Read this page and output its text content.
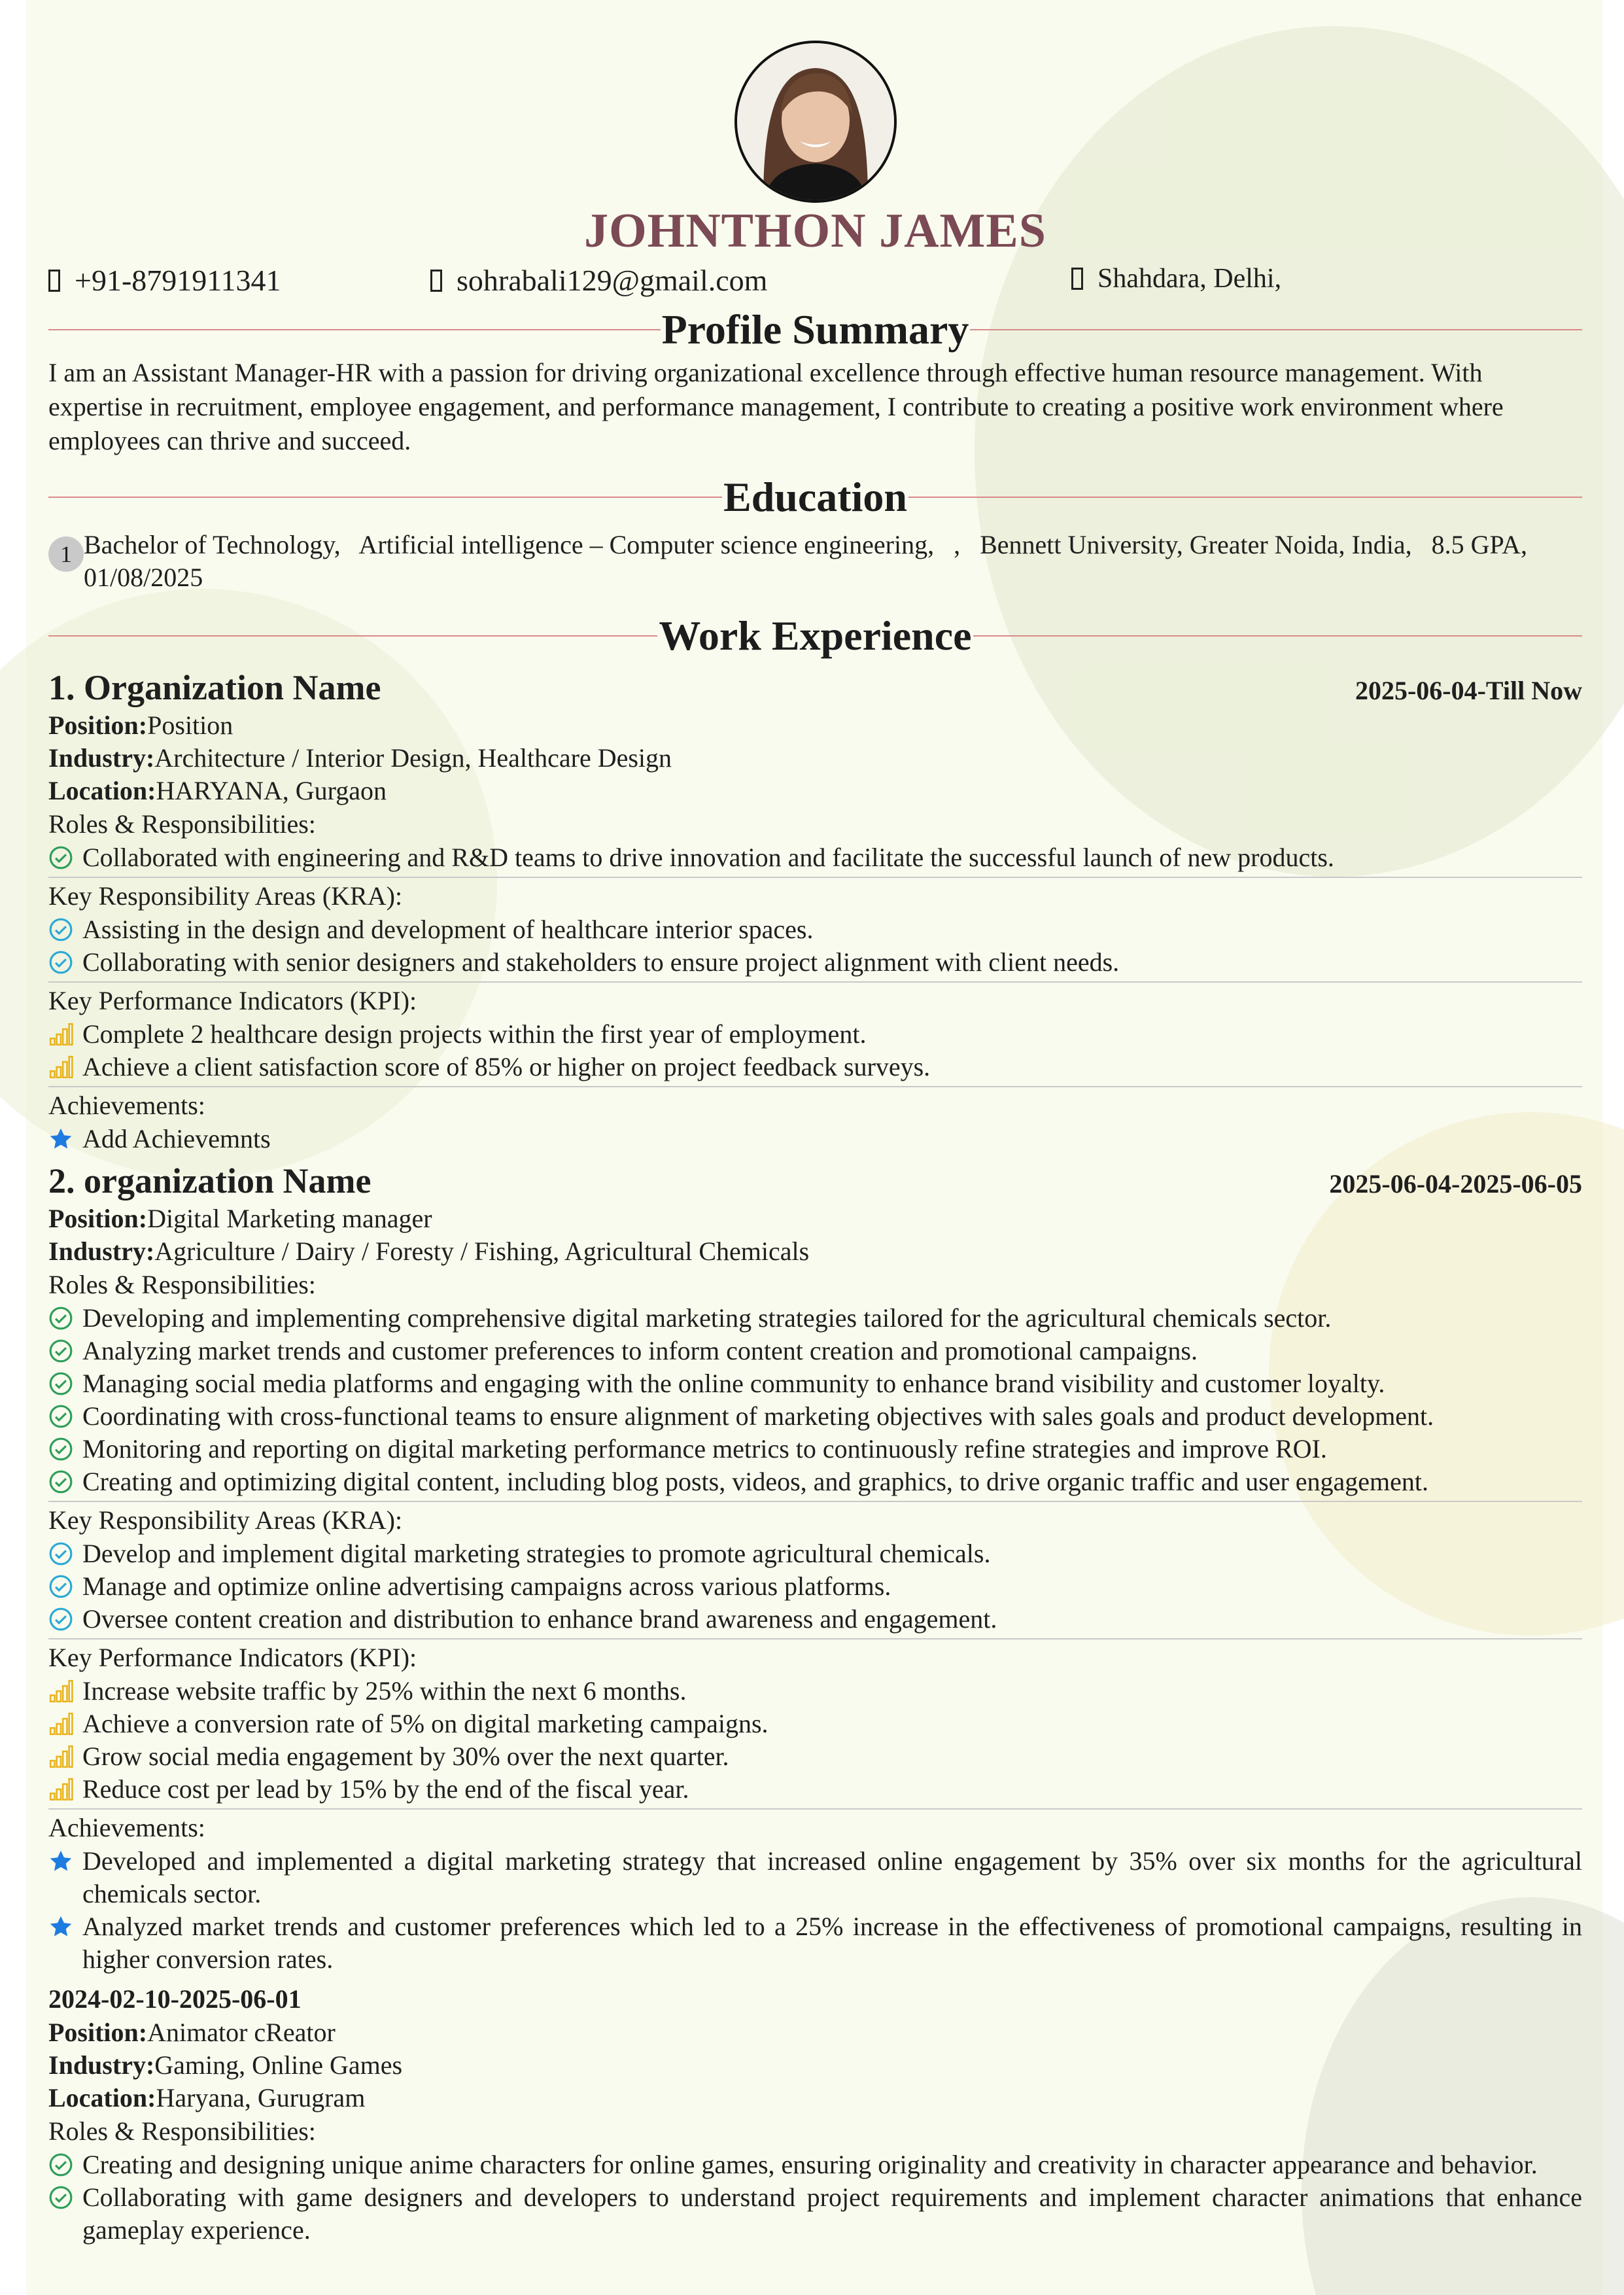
JOHNTHON JAMES
+91-8791911341	sohrabali129@gmail.com	Shahdara, Delhi,
Profile Summary
I am an Assistant Manager-HR with a passion for driving organizational excellence through effective human resource management. With expertise in recruitment, employee engagement, and performance management, I contribute to creating a positive work environment where employees can thrive and succeed.
Education
1 Bachelor of Technology,   Artificial intelligence – Computer science engineering,   ,   Bennett University, Greater Noida, India,   8.5 GPA,   01/08/2025
Work Experience
1. Organization Name	2025-06-04-Till Now
Position:Position
Industry:Architecture / Interior Design, Healthcare Design
Location:HARYANA, Gurgaon
Roles & Responsibilities:
Collaborated with engineering and R&D teams to drive innovation and facilitate the successful launch of new products.
Key Responsibility Areas (KRA):
Assisting in the design and development of healthcare interior spaces.
Collaborating with senior designers and stakeholders to ensure project alignment with client needs.
Key Performance Indicators (KPI):
Complete 2 healthcare design projects within the first year of employment.
Achieve a client satisfaction score of 85% or higher on project feedback surveys.
Achievements:
Add Achievemnts
2. organization Name	2025-06-04-2025-06-05
Position:Digital Marketing manager
Industry:Agriculture / Dairy / Foresty / Fishing, Agricultural Chemicals
Roles & Responsibilities:
Developing and implementing comprehensive digital marketing strategies tailored for the agricultural chemicals sector.
Analyzing market trends and customer preferences to inform content creation and promotional campaigns.
Managing social media platforms and engaging with the online community to enhance brand visibility and customer loyalty.
Coordinating with cross-functional teams to ensure alignment of marketing objectives with sales goals and product development.
Monitoring and reporting on digital marketing performance metrics to continuously refine strategies and improve ROI.
Creating and optimizing digital content, including blog posts, videos, and graphics, to drive organic traffic and user engagement.
Key Responsibility Areas (KRA):
Develop and implement digital marketing strategies to promote agricultural chemicals.
Manage and optimize online advertising campaigns across various platforms.
Oversee content creation and distribution to enhance brand awareness and engagement.
Key Performance Indicators (KPI):
Increase website traffic by 25% within the next 6 months.
Achieve a conversion rate of 5% on digital marketing campaigns.
Grow social media engagement by 30% over the next quarter.
Reduce cost per lead by 15% by the end of the fiscal year.
Achievements:
Developed and implemented a digital marketing strategy that increased online engagement by 35% over six months for the agricultural chemicals sector.
Analyzed market trends and customer preferences which led to a 25% increase in the effectiveness of promotional campaigns, resulting in higher conversion rates.
2024-02-10-2025-06-01
Position:Animator cReator
Industry:Gaming, Online Games
Location:Haryana, Gurugram
Roles & Responsibilities:
Creating and designing unique anime characters for online games, ensuring originality and creativity in character appearance and behavior.
Collaborating with game designers and developers to understand project requirements and implement character animations that enhance gameplay experience.
